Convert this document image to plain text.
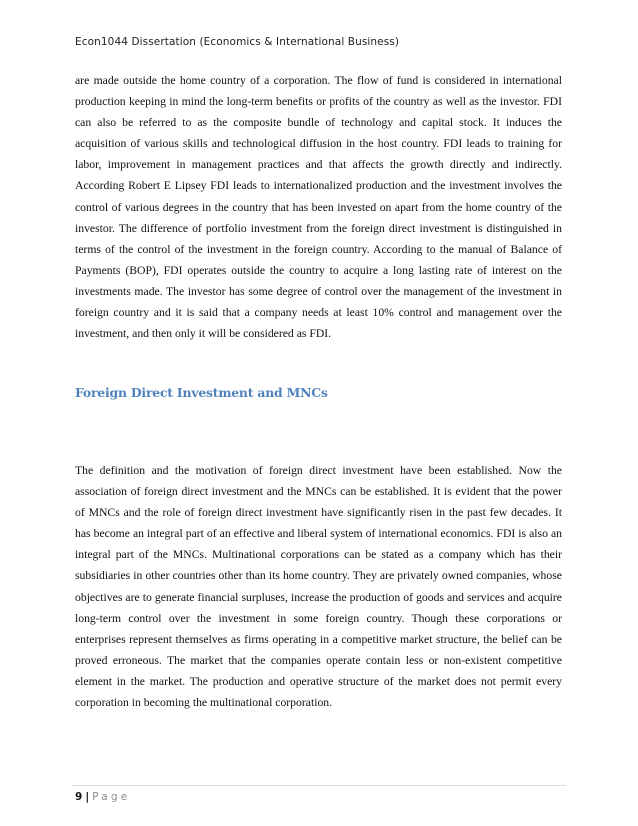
Econ1044 Dissertation (Economics & International Business)

are made outside the home country of a corporation. The flow of fund is considered in international production keeping in mind the long-term benefits or profits of the country as well as the investor. FDI can also be referred to as the composite bundle of technology and capital stock. It induces the acquisition of various skills and technological diffusion in the host country. FDI leads to training for labor, improvement in management practices and that affects the growth directly and indirectly. According Robert E Lipsey FDI leads to internationalized production and the investment involves the control of various degrees in the country that has been invested on apart from the home country of the investor. The difference of portfolio investment from the foreign direct investment is distinguished in terms of the control of the investment in the foreign country. According to the manual of Balance of Payments (BOP), FDI operates outside the country to acquire a long lasting rate of interest on the investments made. The investor has some degree of control over the management of the investment in foreign country and it is said that a company needs at least 10% control and management over the investment, and then only it will be considered as FDI.

Foreign Direct Investment and MNCs

The definition and the motivation of foreign direct investment have been established. Now the association of foreign direct investment and the MNCs can be established. It is evident that the power of MNCs and the role of foreign direct investment have significantly risen in the past few decades. It has become an integral part of an effective and liberal system of international economics. FDI is also an integral part of the MNCs. Multinational corporations can be stated as a company which has their subsidiaries in other countries other than its home country. They are privately owned companies, whose objectives are to generate financial surpluses, increase the production of goods and services and acquire long-term control over the investment in some foreign country. Though these corporations or enterprises represent themselves as firms operating in a competitive market structure, the belief can be proved erroneous. The market that the companies operate contain less or non-existent competitive element in the market. The production and operative structure of the market does not permit every corporation in becoming the multinational corporation.

9 | Page
